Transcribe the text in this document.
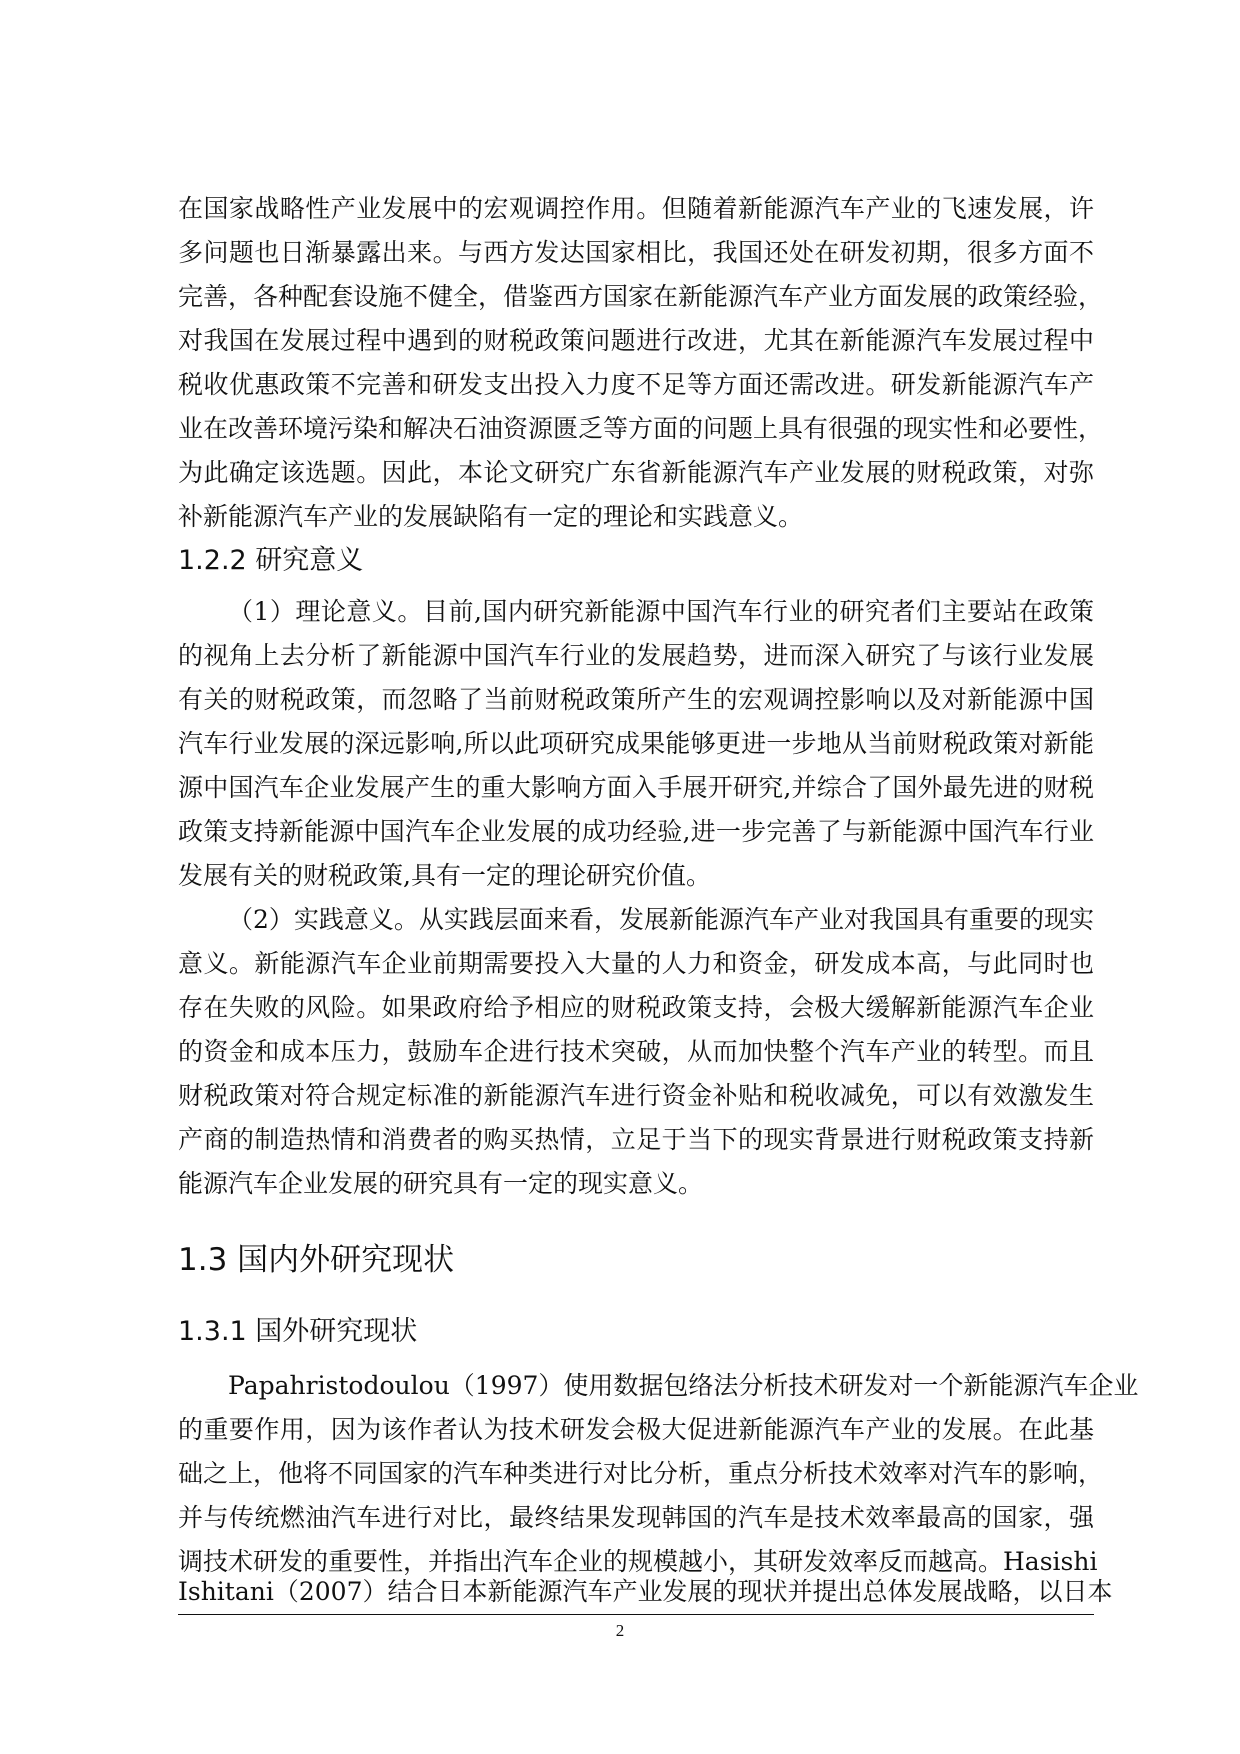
在国家战略性产业发展中的宏观调控作用。但随着新能源汽车产业的飞速发展，许
多问题也日渐暴露出来。与西方发达国家相比，我国还处在研发初期，很多方面不
完善，各种配套设施不健全，借鉴西方国家在新能源汽车产业方面发展的政策经验，
对我国在发展过程中遇到的财税政策问题进行改进，尤其在新能源汽车发展过程中
税收优惠政策不完善和研发支出投入力度不足等方面还需改进。研发新能源汽车产
业在改善环境污染和解决石油资源匮乏等方面的问题上具有很强的现实性和必要性，
为此确定该选题。因此，本论文研究广东省新能源汽车产业发展的财税政策，对弥
补新能源汽车产业的发展缺陷有一定的理论和实践意义。
1.2.2 研究意义
（1）理论意义。目前,国内研究新能源中国汽车行业的研究者们主要站在政策
的视角上去分析了新能源中国汽车行业的发展趋势，进而深入研究了与该行业发展
有关的财税政策，而忽略了当前财税政策所产生的宏观调控影响以及对新能源中国
汽车行业发展的深远影响,所以此项研究成果能够更进一步地从当前财税政策对新能
源中国汽车企业发展产生的重大影响方面入手展开研究,并综合了国外最先进的财税
政策支持新能源中国汽车企业发展的成功经验,进一步完善了与新能源中国汽车行业
发展有关的财税政策,具有一定的理论研究价值。
（2）实践意义。从实践层面来看，发展新能源汽车产业对我国具有重要的现实
意义。新能源汽车企业前期需要投入大量的人力和资金，研发成本高，与此同时也
存在失败的风险。如果政府给予相应的财税政策支持，会极大缓解新能源汽车企业
的资金和成本压力，鼓励车企进行技术突破，从而加快整个汽车产业的转型。而且
财税政策对符合规定标准的新能源汽车进行资金补贴和税收减免，可以有效激发生
产商的制造热情和消费者的购买热情，立足于当下的现实背景进行财税政策支持新
能源汽车企业发展的研究具有一定的现实意义。
1.3 国内外研究现状
1.3.1 国外研究现状
Papahristodoulou（1997）使用数据包络法分析技术研发对一个新能源汽车企业
的重要作用，因为该作者认为技术研发会极大促进新能源汽车产业的发展。在此基
础之上，他将不同国家的汽车种类进行对比分析，重点分析技术效率对汽车的影响，
并与传统燃油汽车进行对比，最终结果发现韩国的汽车是技术效率最高的国家，强
调技术研发的重要性，并指出汽车企业的规模越小，其研发效率反而越高。Hasishi
Ishitani（2007）结合日本新能源汽车产业发展的现状并提出总体发展战略，以日本
2
